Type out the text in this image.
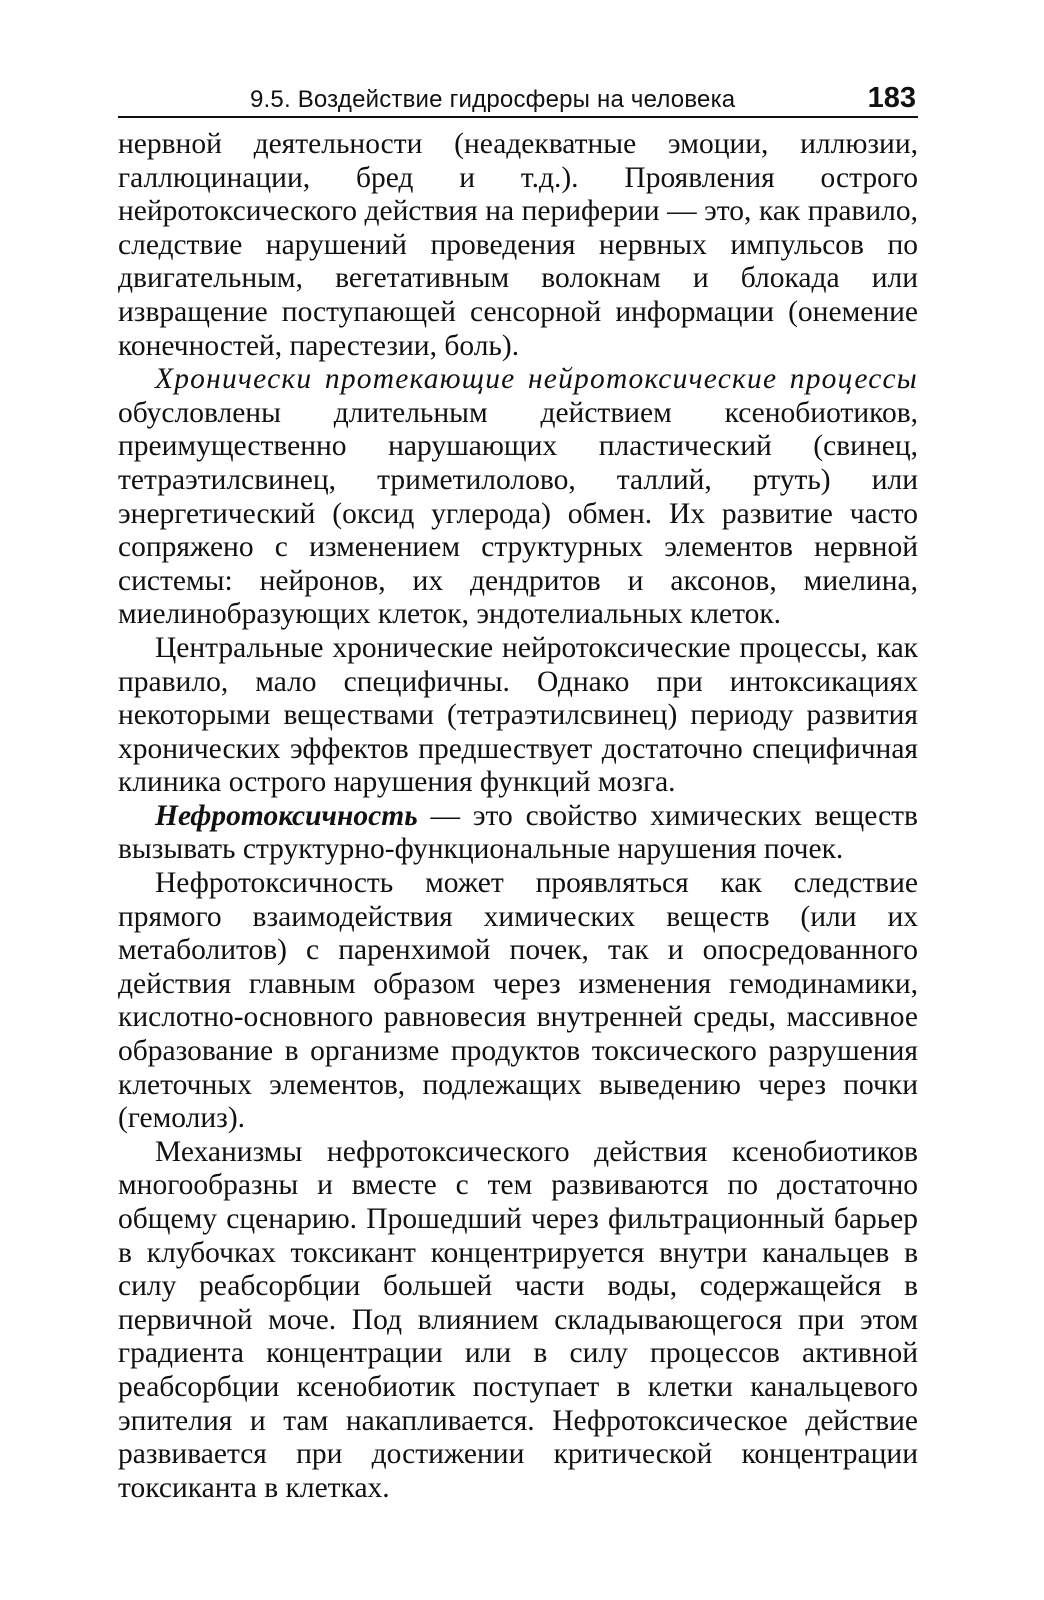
9.5. Воздействие гидросферы на человека	183

нервной деятельности (неадекватные эмоции, иллюзии, галлюцинации, бред и т.д.). Проявления острого нейротоксического действия на периферии — это, как правило, следствие нарушений проведения нервных импульсов по двигательным, вегетативным волокнам и блокада или извращение поступающей сенсорной информации (онемение конечностей, парестезии, боль).

Хронически протекающие нейротоксические процессы обусловлены длительным действием ксенобиотиков, преимущественно нарушающих пластический (свинец, тетраэтилсвинец, триметилолово, таллий, ртуть) или энергетический (оксид углерода) обмен. Их развитие часто сопряжено с изменением структурных элементов нервной системы: нейронов, их дендритов и аксонов, миелина, миелинобразующих клеток, эндотелиальных клеток.

Центральные хронические нейротоксические процессы, как правило, мало специфичны. Однако при интоксикациях некоторыми веществами (тетраэтилсвинец) периоду развития хронических эффектов предшествует достаточно специфичная клиника острого нарушения функций мозга.

Нефротоксичность — это свойство химических веществ вызывать структурно-функциональные нарушения почек.

Нефротоксичность может проявляться как следствие прямого взаимодействия химических веществ (или их метаболитов) с паренхимой почек, так и опосредованного действия главным образом через изменения гемодинамики, кислотно-основного равновесия внутренней среды, массивное образование в организме продуктов токсического разрушения клеточных элементов, подлежащих выведению через почки (гемолиз).

Механизмы нефротоксического действия ксенобиотиков многообразны и вместе с тем развиваются по достаточно общему сценарию. Прошедший через фильтрационный барьер в клубочках токсикант концентрируется внутри канальцев в силу реабсорбции большей части воды, содержащейся в первичной моче. Под влиянием складывающегося при этом градиента концентрации или в силу процессов активной реабсорбции ксенобиотик поступает в клетки канальцевого эпителия и там накапливается. Нефротоксическое действие развивается при достижении критической концентрации токсиканта в клетках.
